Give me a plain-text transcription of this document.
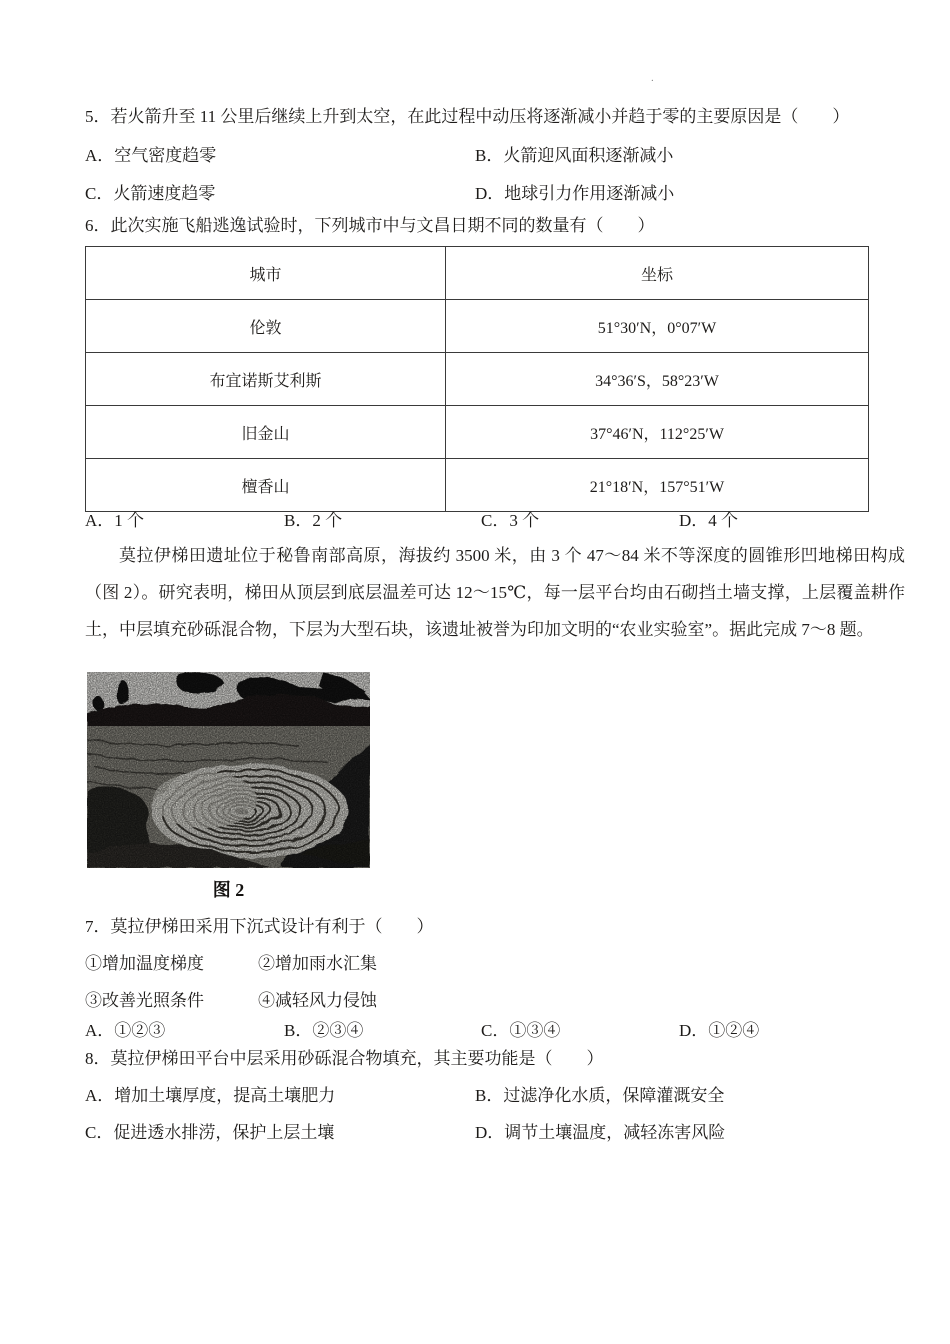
.
5．若火箭升至 11 公里后继续上升到太空，在此过程中动压将逐渐减小并趋于零的主要原因是（　　）
A．空气密度趋零	B．火箭迎风面积逐渐减小
C．火箭速度趋零	D．地球引力作用逐渐减小
6．此次实施飞船逃逸试验时，下列城市中与文昌日期不同的数量有（　　）
城市	坐标
伦敦	51°30′N，0°07′W
布宜诺斯艾利斯	34°36′S，58°23′W
旧金山	37°46′N，112°25′W
檀香山	21°18′N，157°51′W
A．1 个	B．2 个	C．3 个	D．4 个
莫拉伊梯田遗址位于秘鲁南部高原，海拔约 3500 米，由 3 个 47～84 米不等深度的圆锥形凹地梯田构成（图 2）。研究表明，梯田从顶层到底层温差可达 12～15℃，每一层平台均由石砌挡土墙支撑，上层覆盖耕作土，中层填充砂砾混合物，下层为大型石块，该遗址被誉为印加文明的“农业实验室”。据此完成 7～8 题。
图 2
7．莫拉伊梯田采用下沉式设计有利于（　　）
①增加温度梯度	②增加雨水汇集
③改善光照条件	④减轻风力侵蚀
A．①②③	B．②③④	C．①③④	D．①②④
8．莫拉伊梯田平台中层采用砂砾混合物填充，其主要功能是（　　）
A．增加土壤厚度，提高土壤肥力	B．过滤净化水质，保障灌溉安全
C．促进透水排涝，保护上层土壤	D．调节土壤温度，减轻冻害风险
